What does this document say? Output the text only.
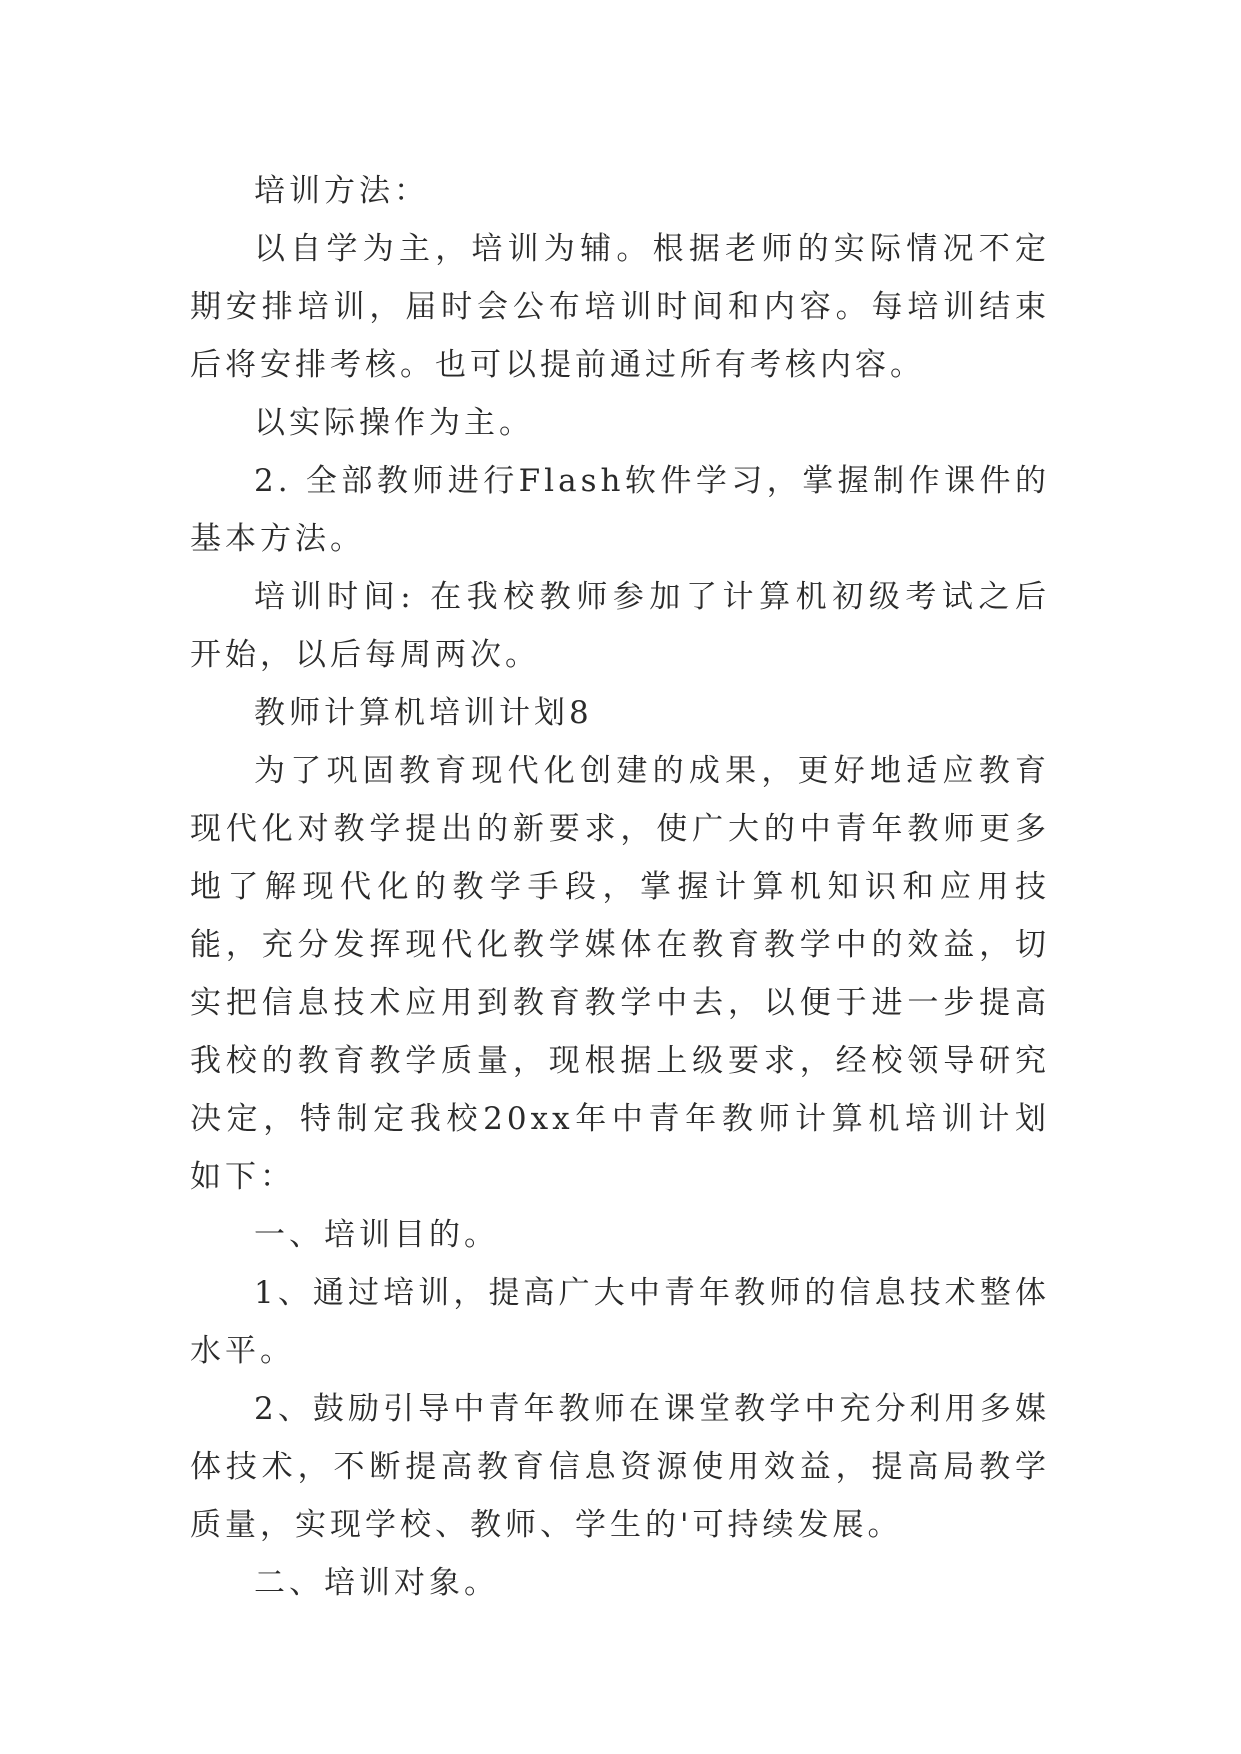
培训方法：

以自学为主，培训为辅。根据老师的实际情况不定期安排培训，届时会公布培训时间和内容。每培训结束后将安排考核。也可以提前通过所有考核内容。

以实际操作为主。

2. 全部教师进行Flash软件学习，掌握制作课件的基本方法。

培训时间: 在我校教师参加了计算机初级考试之后开始，以后每周两次。

教师计算机培训计划8

为了巩固教育现代化创建的成果，更好地适应教育现代化对教学提出的新要求，使广大的中青年教师更多地了解现代化的教学手段，掌握计算机知识和应用技能，充分发挥现代化教学媒体在教育教学中的效益，切实把信息技术应用到教育教学中去，以便于进一步提高我校的教育教学质量，现根据上级要求，经校领导研究决定，特制定我校20xx年中青年教师计算机培训计划如下：

一、培训目的。

1、通过培训，提高广大中青年教师的信息技术整体水平。

2、鼓励引导中青年教师在课堂教学中充分利用多媒体技术，不断提高教育信息资源使用效益，提高局教学质量，实现学校、教师、学生的'可持续发展。

二、培训对象。
